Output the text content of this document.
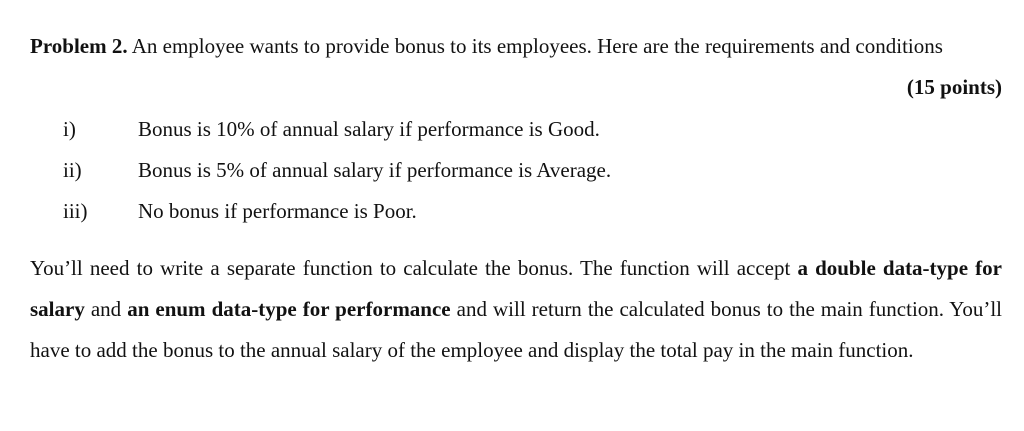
Problem 2. An employee wants to provide bonus to its employees. Here are the requirements and conditions
(15 points)
i)	Bonus is 10% of annual salary if performance is Good.
ii)	Bonus is 5% of annual salary if performance is Average.
iii)	No bonus if performance is Poor.
You’ll need to write a separate function to calculate the bonus. The function will accept a double data-type for salary and an enum data-type for performance and will return the calculated bonus to the main function. You’ll have to add the bonus to the annual salary of the employee and display the total pay in the main function.
